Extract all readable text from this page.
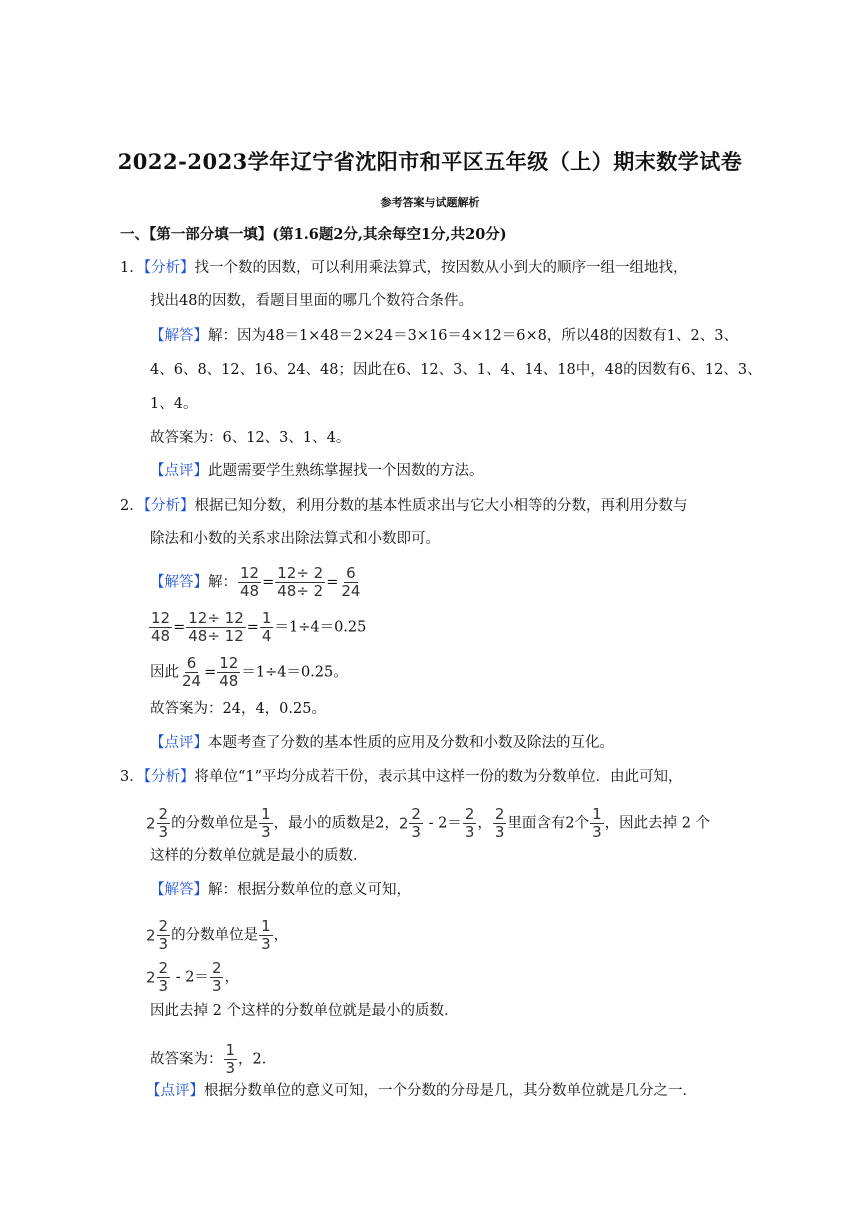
2022-2023学年辽宁省沈阳市和平区五年级（上）期末数学试卷
参考答案与试题解析
一、【第一部分填一填】(第1.6题2分,其余每空1分,共20分)
1．【分析】找一个数的因数，可以利用乘法算式，按因数从小到大的顺序一组一组地找，
找出48的因数，看题目里面的哪几个数符合条件。
【解答】解：因为48＝1×48＝2×24＝3×16＝4×12＝6×8，所以48的因数有1、2、3、
4、6、8、12、16、24、48；因此在6、12、3、1、4、14、18中，48的因数有6、12、3、
1、4。
故答案为：6、12、3、1、4。
【点评】此题需要学生熟练掌握找一个因数的方法。
2．【分析】根据已知分数，利用分数的基本性质求出与它大小相等的分数，再利用分数与
除法和小数的关系求出除法算式和小数即可。
【解答】解： $\frac{12}{48} = \frac{12\div 2}{48\div 2} = \frac{6}{24}$
$\frac{12}{48} = \frac{12\div 12}{48\div 12} = \frac{1}{4} =1\div 4=0.25$
因此 $\frac{6}{24} = \frac{12}{48} =1\div 4=0.25$。
故答案为：24，4，0.25。
【点评】本题考查了分数的基本性质的应用及分数和小数及除法的互化。
3．【分析】将单位“1”平均分成若干份，表示其中这样一份的数为分数单位．由此可知，
$2 \frac{2}{3}$ 的分数单位是 $\frac{1}{3}$ ，最小的质数是2，$2 \frac{2}{3} - 2= \frac{2}{3}$ ， $\frac{2}{3}$ 里面含有2个 $\frac{1}{3}$ ，因此去掉 2 个
这样的分数单位就是最小的质数．
【解答】解：根据分数单位的意义可知，
$2 \frac{2}{3}$ 的分数单位是 $\frac{1}{3}$ ，
$2 \frac{2}{3} - 2= \frac{2}{3}$ ，
因此去掉 2 个这样的分数单位就是最小的质数．
故答案为： $\frac{1}{3}$ ，2．
【点评】根据分数单位的意义可知，一个分数的分母是几，其分数单位就是几分之一．
